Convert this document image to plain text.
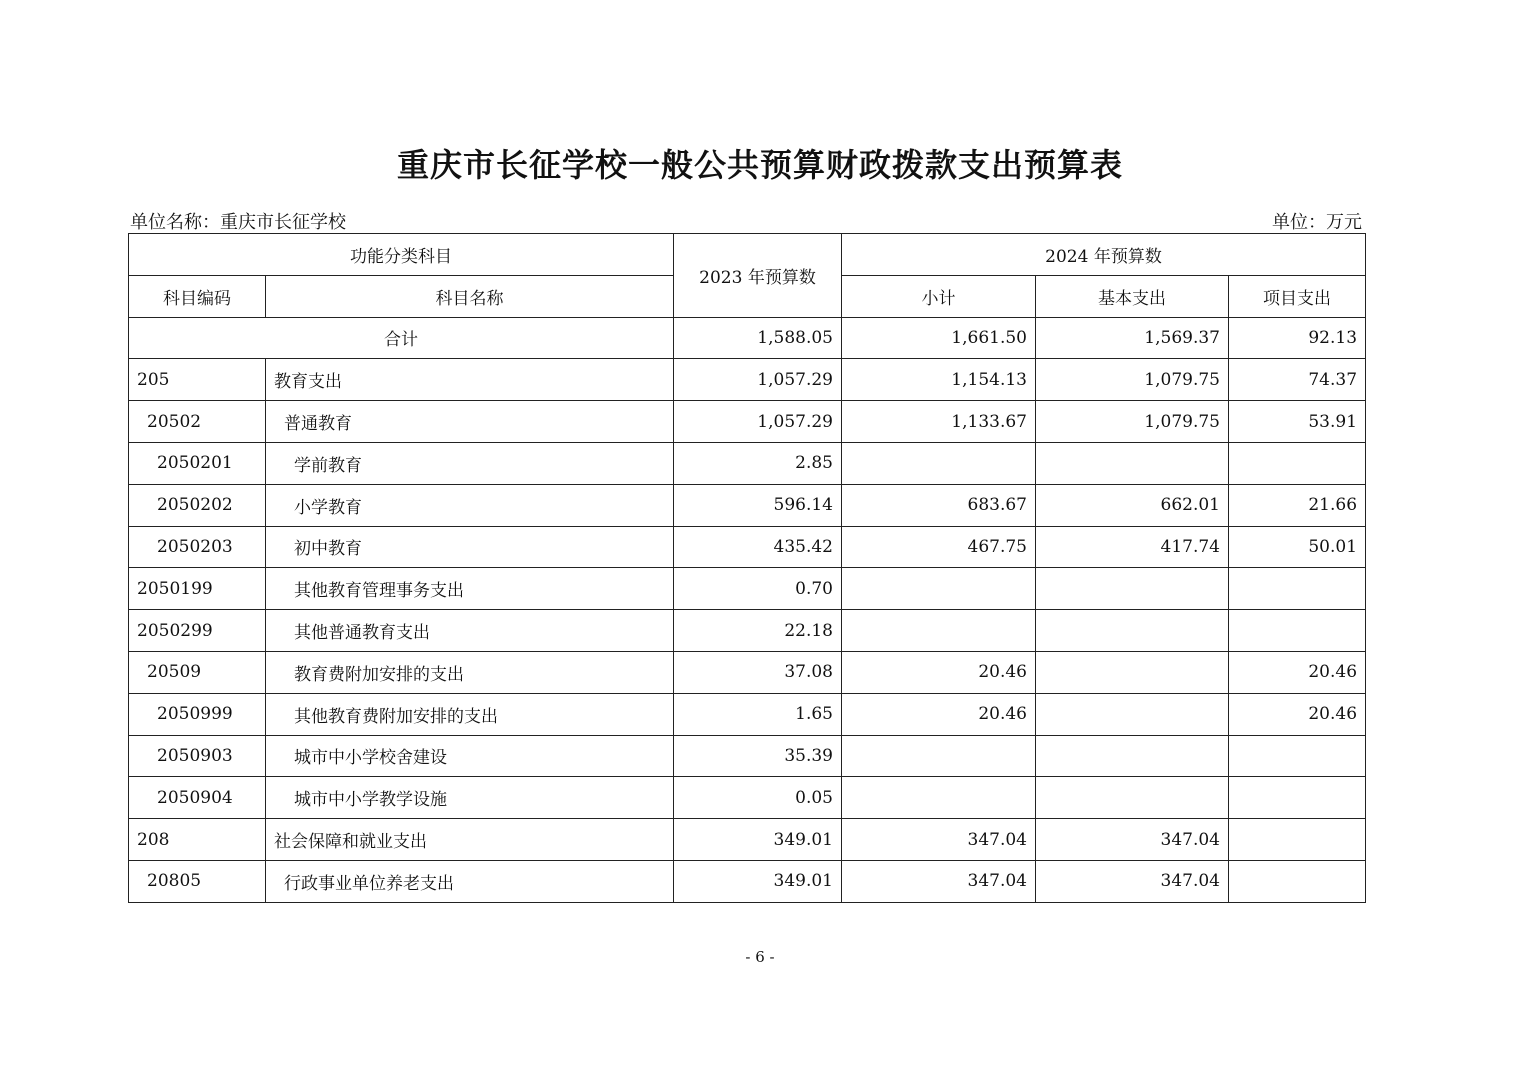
重庆市长征学校一般公共预算财政拨款支出预算表
单位名称：重庆市长征学校	单位：万元
功能分类科目		2023 年预算数	2024 年预算数		
科目编码	科目名称		小计	基本支出	项目支出
合计		1,588.05	1,661.50	1,569.37	92.13
205	教育支出	1,057.29	1,154.13	1,079.75	74.37
20502	普通教育	1,057.29	1,133.67	1,079.75	53.91
2050201	学前教育	2.85			
2050202	小学教育	596.14	683.67	662.01	21.66
2050203	初中教育	435.42	467.75	417.74	50.01
2050199	其他教育管理事务支出	0.70			
2050299	其他普通教育支出	22.18			
20509	教育费附加安排的支出	37.08	20.46		20.46
2050999	其他教育费附加安排的支出	1.65	20.46		20.46
2050903	城市中小学校舍建设	35.39			
2050904	城市中小学教学设施	0.05			
208	社会保障和就业支出	349.01	347.04	347.04	
20805	行政事业单位养老支出	349.01	347.04	347.04	
- 6 -
